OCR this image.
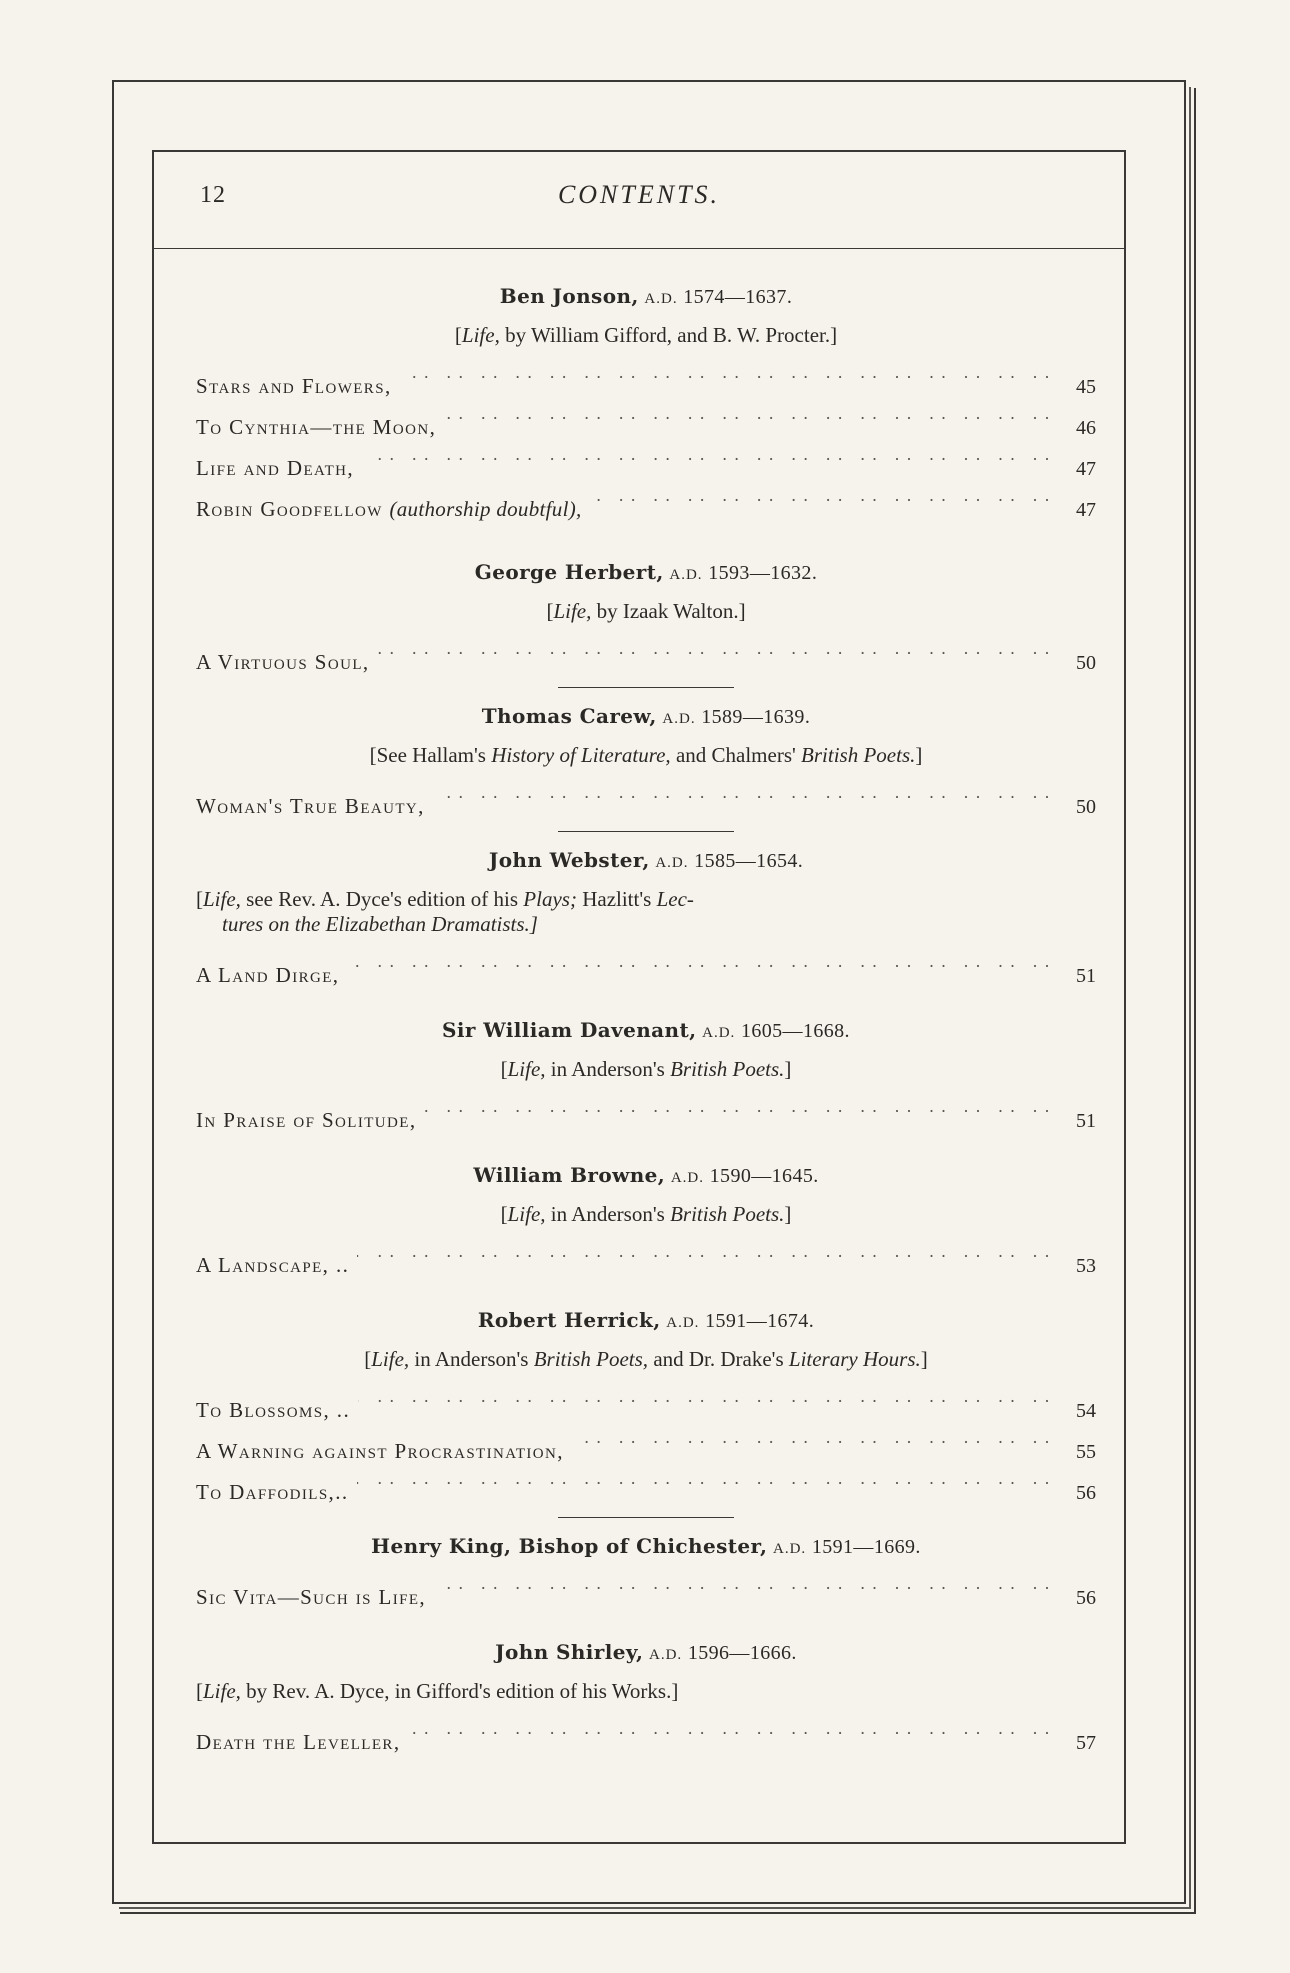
12	CONTENTS.
Ben Jonson, A.D. 1574—1637.
[Life, by William Gifford, and B. W. Procter.]
Stars and Flowers, ·· ··	45
To Cynthia—the Moon, ·· ··	46
Life and Death, ·· ··	47
Robin Goodfellow (authorship doubtful), ·· ··	47
George Herbert, A.D. 1593—1632.
[Life, by Izaak Walton.]
A Virtuous Soul, ·· ··	50
Thomas Carew, A.D. 1589—1639.
[See Hallam's History of Literature, and Chalmers' British Poets.]
Woman's True Beauty, ·· ··	50
John Webster, A.D. 1585—1654.
[Life, see Rev. A. Dyce's edition of his Plays; Hazlitt's Lec-
tures on the Elizabethan Dramatists.]
A Land Dirge, ·· ··	51
Sir William Davenant, A.D. 1605—1668.
[Life, in Anderson's British Poets.]
In Praise of Solitude, ·· ··	51
William Browne, A.D. 1590—1645.
[Life, in Anderson's British Poets.]
A Landscape, .. ·· ··	53
Robert Herrick, A.D. 1591—1674.
[Life, in Anderson's British Poets, and Dr. Drake's Literary Hours.]
To Blossoms, .. ·· ··	54
A Warning against Procrastination, ·· ··	55
To Daffodils,.. ·· ··	56
Henry King, Bishop of Chichester, A.D. 1591—1669.
Sic Vita—Such is Life, ·· ··	56
John Shirley, A.D. 1596—1666.
[Life, by Rev. A. Dyce, in Gifford's edition of his Works.]
Death the Leveller, ·· ··	57
